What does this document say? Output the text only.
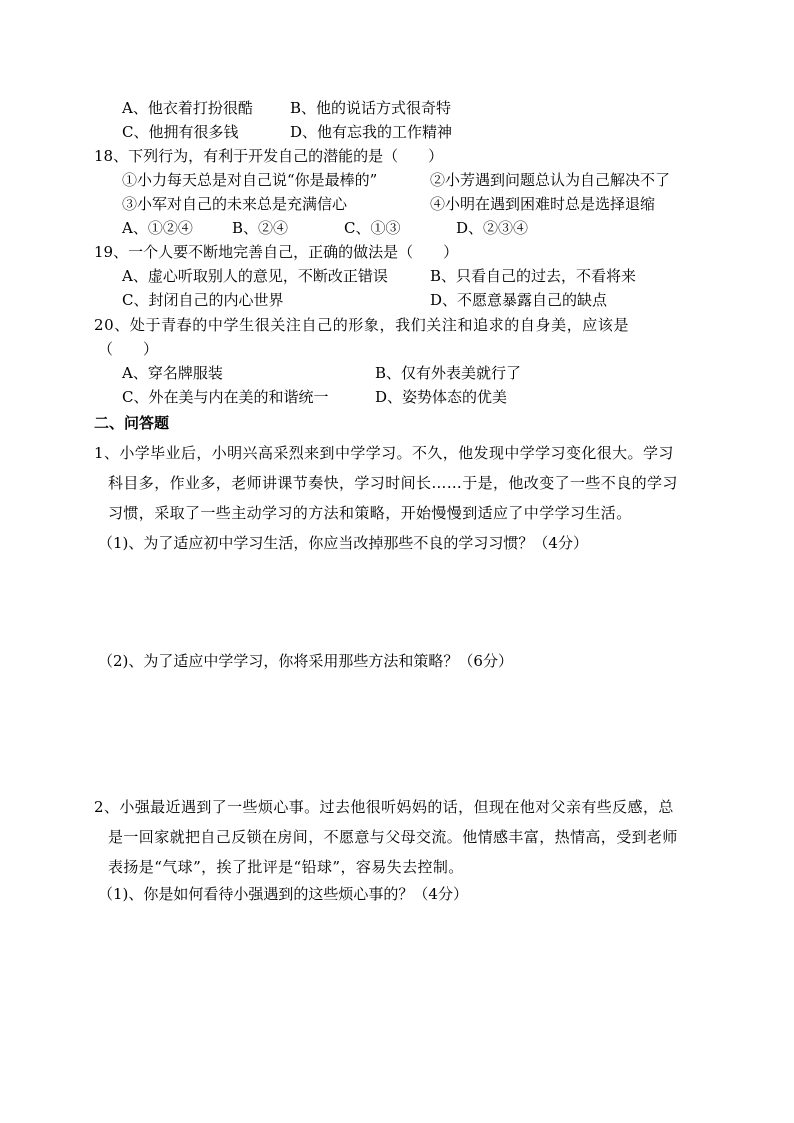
A、他衣着打扮很酷 B、他的说话方式很奇特
C、他拥有很多钱	D、他有忘我的工作精神
18、下列行为，有利于开发自己的潜能的是（　　）
①小力每天总是对自己说“你是最棒的”	②小芳遇到问题总认为自己解决不了
③小军对自己的未来总是充满信心	④小明在遇到困难时总是选择退缩
A、①②④	B、②④	C、①③	D、②③④
19、一个人要不断地完善自己，正确的做法是（　　）
A、虚心听取别人的意见，不断改正错误	B、只看自己的过去，不看将来
C、封闭自己的内心世界	D、不愿意暴露自己的缺点
20、处于青春的中学生很关注自己的形象，我们关注和追求的自身美，应该是
（　　）
A、穿名牌服装	B、仅有外表美就行了
C、外在美与内在美的和谐统一	D、姿势体态的优美
二、问答题
1、小学毕业后，小明兴高采烈来到中学学习。不久，他发现中学学习变化很大。学习
科目多，作业多，老师讲课节奏快，学习时间长……于是，他改变了一些不良的学习
习惯，采取了一些主动学习的方法和策略，开始慢慢到适应了中学学习生活。
（1)、为了适应初中学习生活，你应当改掉那些不良的学习习惯？（4分）
（2)、为了适应中学学习，你将采用那些方法和策略？（6分）
2、小强最近遇到了一些烦心事。过去他很听妈妈的话，但现在他对父亲有些反感，总
是一回家就把自己反锁在房间，不愿意与父母交流。他情感丰富，热情高，受到老师
表扬是“气球”，挨了批评是“铅球”，容易失去控制。
（1)、你是如何看待小强遇到的这些烦心事的？（4分）
